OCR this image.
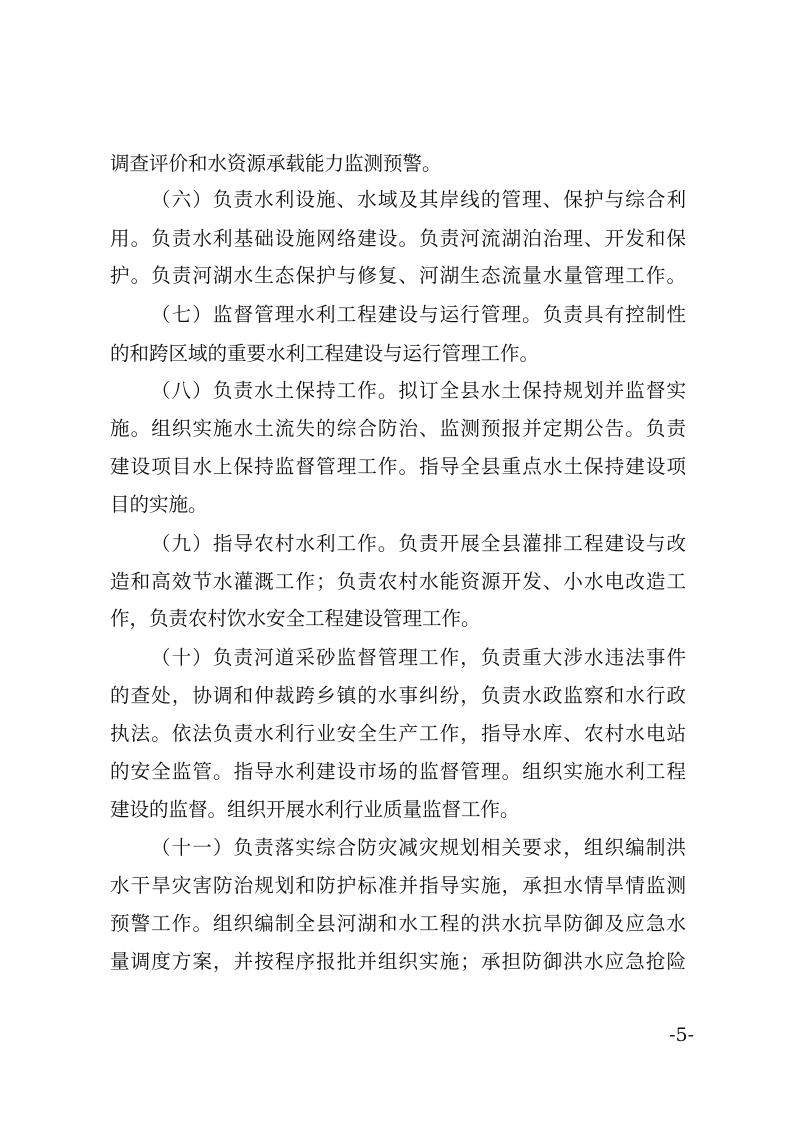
调查评价和水资源承载能力监测预警。
（六）负责水利设施、水域及其岸线的管理、保护与综合利
用。负责水利基础设施网络建设。负责河流湖泊治理、开发和保
护。负责河湖水生态保护与修复、河湖生态流量水量管理工作。
（七）监督管理水利工程建设与运行管理。负责具有控制性
的和跨区域的重要水利工程建设与运行管理工作。
（八）负责水土保持工作。拟订全县水土保持规划并监督实
施。组织实施水土流失的综合防治、监测预报并定期公告。负责
建设项目水上保持监督管理工作。指导全县重点水土保持建设项
目的实施。
（九）指导农村水利工作。负责开展全县灌排工程建设与改
造和高效节水灌溉工作；负责农村水能资源开发、小水电改造工
作，负责农村饮水安全工程建设管理工作。
（十）负责河道采砂监督管理工作，负责重大涉水违法事件
的查处，协调和仲裁跨乡镇的水事纠纷，负责水政监察和水行政
执法。依法负责水利行业安全生产工作，指导水库、农村水电站
的安全监管。指导水利建设市场的监督管理。组织实施水利工程
建设的监督。组织开展水利行业质量监督工作。
（十一）负责落实综合防灾减灾规划相关要求，组织编制洪
水干旱灾害防治规划和防护标准并指导实施，承担水情旱情监测
预警工作。组织编制全县河湖和水工程的洪水抗旱防御及应急水
量调度方案，并按程序报批并组织实施；承担防御洪水应急抢险
-5-
